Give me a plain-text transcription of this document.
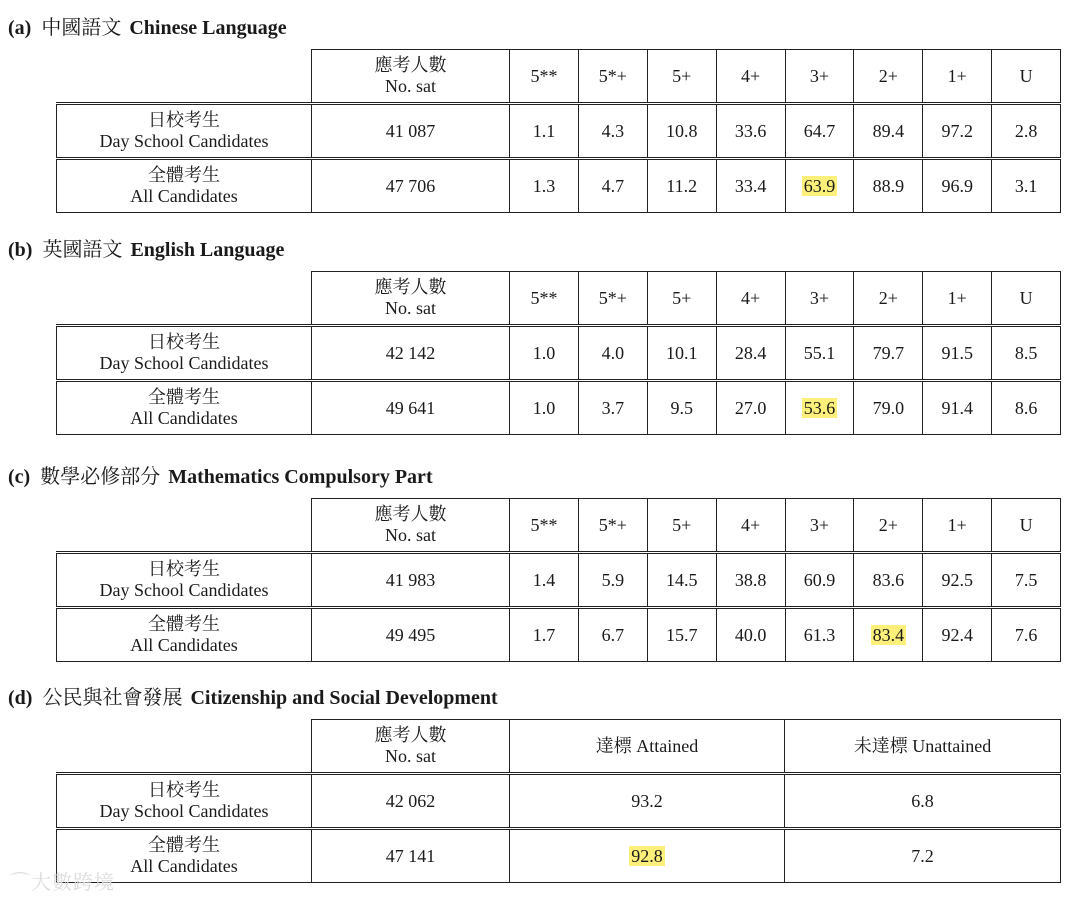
(a) 中國語文 Chinese Language

	應考人數
No. sat	5**	5*+	5+	4+	3+	2+	1+	U

日校考生
Day School Candidates	41 087	1.1	4.3	10.8	33.6	64.7	89.4	97.2	2.8

全體考生
All Candidates	47 706	1.3	4.7	11.2	33.4	63.9	88.9	96.9	3.1
(b) 英國語文 English Language

	應考人數
No. sat	5**	5*+	5+	4+	3+	2+	1+	U

日校考生
Day School Candidates	42 142	1.0	4.0	10.1	28.4	55.1	79.7	91.5	8.5

全體考生
All Candidates	49 641	1.0	3.7	9.5	27.0	53.6	79.0	91.4	8.6
(c) 數學必修部分 Mathematics Compulsory Part

	應考人數
No. sat	5**	5*+	5+	4+	3+	2+	1+	U

日校考生
Day School Candidates	41 983	1.4	5.9	14.5	38.8	60.9	83.6	92.5	7.5

全體考生
All Candidates	49 495	1.7	6.7	15.7	40.0	61.3	83.4	92.4	7.6
(d) 公民與社會發展 Citizenship and Social Development

	應考人數
No. sat	達標 Attained	未達標 Unattained

日校考生
Day School Candidates	42 062	93.2	6.8

全體考生
All Candidates	47 141	92.8	7.2
⌒大數跨境
